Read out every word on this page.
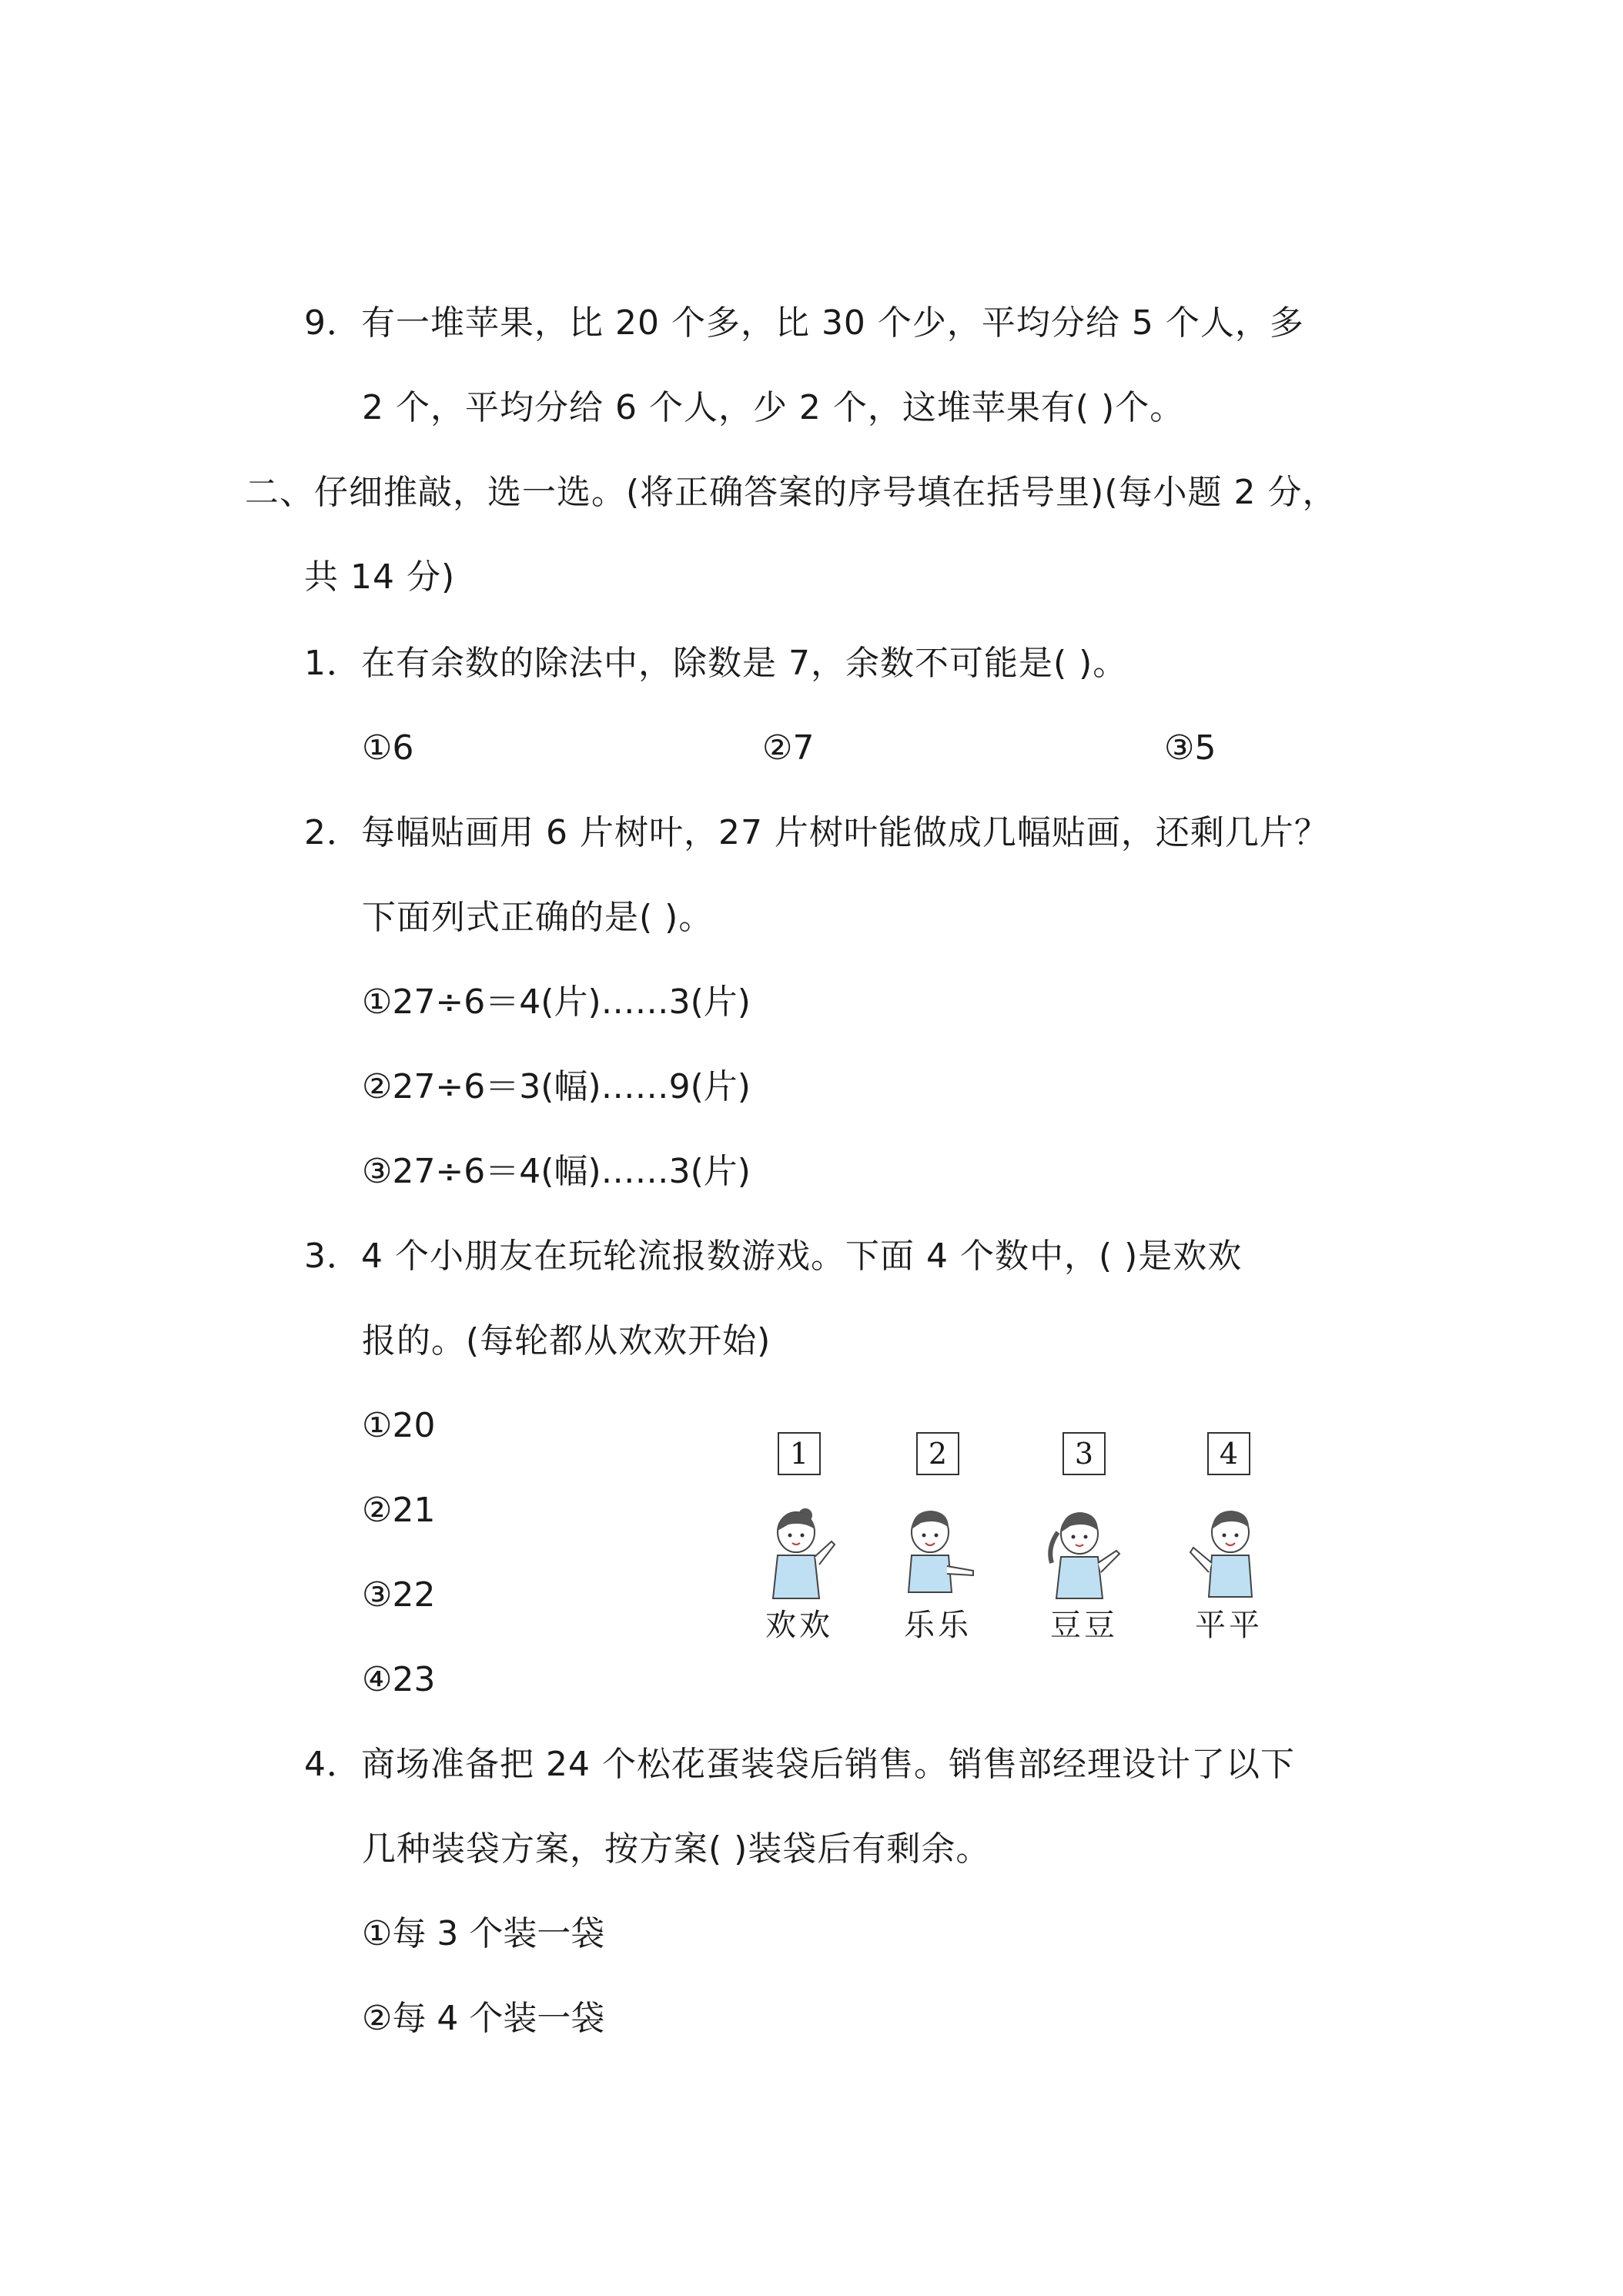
9．有一堆苹果，比 20 个多，比 30 个少，平均分给 5 个人，多
2 个，平均分给 6 个人，少 2 个，这堆苹果有( )个。
二、仔细推敲，选一选。(将正确答案的序号填在括号里)(每小题 2 分，
共 14 分)
1．在有余数的除法中，除数是 7，余数不可能是( )。
①6	②7	③5
2．每幅贴画用 6 片树叶，27 片树叶能做成几幅贴画，还剩几片？
下面列式正确的是( )。
①27÷6＝4(片)……3(片)
②27÷6＝3(幅)……9(片)
③27÷6＝4(幅)……3(片)
3．4 个小朋友在玩轮流报数游戏。下面 4 个数中，( )是欢欢
报的。(每轮都从欢欢开始)
①20
②21
③22
④23
1	2	3	4
欢欢	乐乐	豆豆	平平
4．商场准备把 24 个松花蛋装袋后销售。销售部经理设计了以下
几种装袋方案，按方案( )装袋后有剩余。
①每 3 个装一袋
②每 4 个装一袋
